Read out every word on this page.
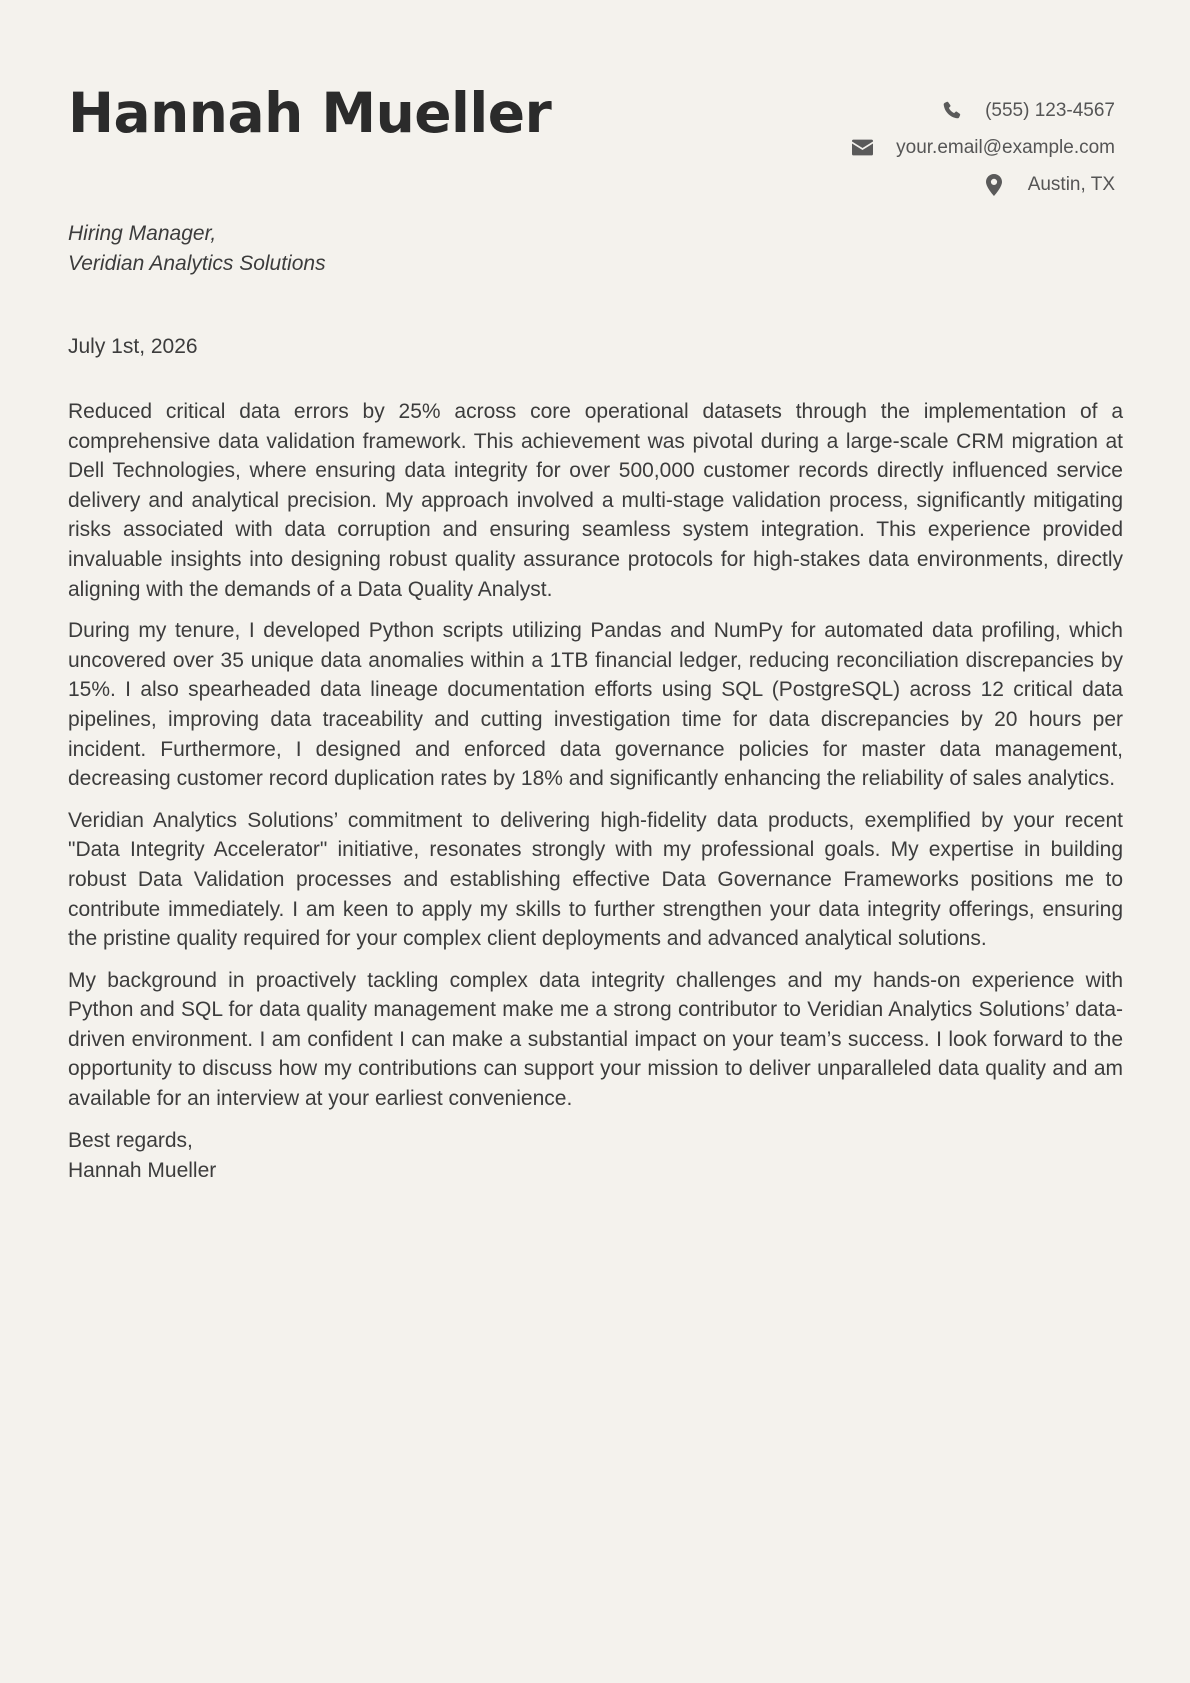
Hannah Mueller	(555) 123-4567
your.email@example.com
Austin, TX
Hiring Manager,
Veridian Analytics Solutions
July 1st, 2026

Reduced critical data errors by 25% across core operational datasets through the implementation of a comprehensive data validation framework. This achievement was pivotal during a large-scale CRM migration at Dell Technologies, where ensuring data integrity for over 500,000 customer records directly influenced service delivery and analytical precision. My approach involved a multi-stage validation process, significantly mitigating risks associated with data corruption and ensuring seamless system integration. This experience provided invaluable insights into designing robust quality assurance protocols for high-stakes data environments, directly aligning with the demands of a Data Quality Analyst.

During my tenure, I developed Python scripts utilizing Pandas and NumPy for automated data profiling, which uncovered over 35 unique data anomalies within a 1TB financial ledger, reducing reconciliation discrepancies by 15%. I also spearheaded data lineage documentation efforts using SQL (PostgreSQL) across 12 critical data pipelines, improving data traceability and cutting investigation time for data discrepancies by 20 hours per incident. Furthermore, I designed and enforced data governance policies for master data management, decreasing customer record duplication rates by 18% and significantly enhancing the reliability of sales analytics.

Veridian Analytics Solutions’ commitment to delivering high-fidelity data products, exemplified by your recent "Data Integrity Accelerator" initiative, resonates strongly with my professional goals. My expertise in building robust Data Validation processes and establishing effective Data Governance Frameworks positions me to contribute immediately. I am keen to apply my skills to further strengthen your data integrity offerings, ensuring the pristine quality required for your complex client deployments and advanced analytical solutions.

My background in proactively tackling complex data integrity challenges and my hands-on experience with Python and SQL for data quality management make me a strong contributor to Veridian Analytics Solutions’ data-driven environment. I am confident I can make a substantial impact on your team’s success. I look forward to the opportunity to discuss how my contributions can support your mission to deliver unparalleled data quality and am available for an interview at your earliest convenience.

Best regards,
Hannah Mueller
